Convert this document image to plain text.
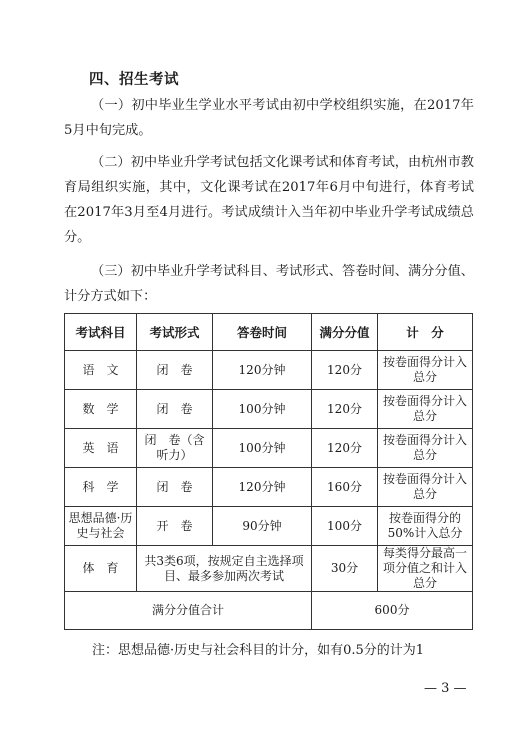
四、招生考试
（一）初中毕业生学业水平考试由初中学校组织实施，在2017年5月中旬完成。
（二）初中毕业升学考试包括文化课考试和体育考试，由杭州市教育局组织实施，其中，文化课考试在2017年6月中旬进行，体育考试在2017年3月至4月进行。考试成绩计入当年初中毕业升学考试成绩总分。
（三）初中毕业升学考试科目、考试形式、答卷时间、满分分值、计分方式如下：
考试科目	考试形式	答卷时间	满分分值	计　分
语　文	闭　卷	120分钟	120分	按卷面得分计入总分
数　学	闭　卷	100分钟	120分	按卷面得分计入总分
英　语	闭　卷（含听力）	100分钟	120分	按卷面得分计入总分
科　学	闭　卷	120分钟	160分	按卷面得分计入总分
思想品德·历史与社会	开　卷	90分钟	100分	按卷面得分的50%计入总分
体　育	共3类6项，按规定自主选择项目、最多参加两次考试		30分	每类得分最高一项分值之和计入总分
满分分值合计			600分	
注：思想品德·历史与社会科目的计分，如有0.5分的计为1
— 3 —
